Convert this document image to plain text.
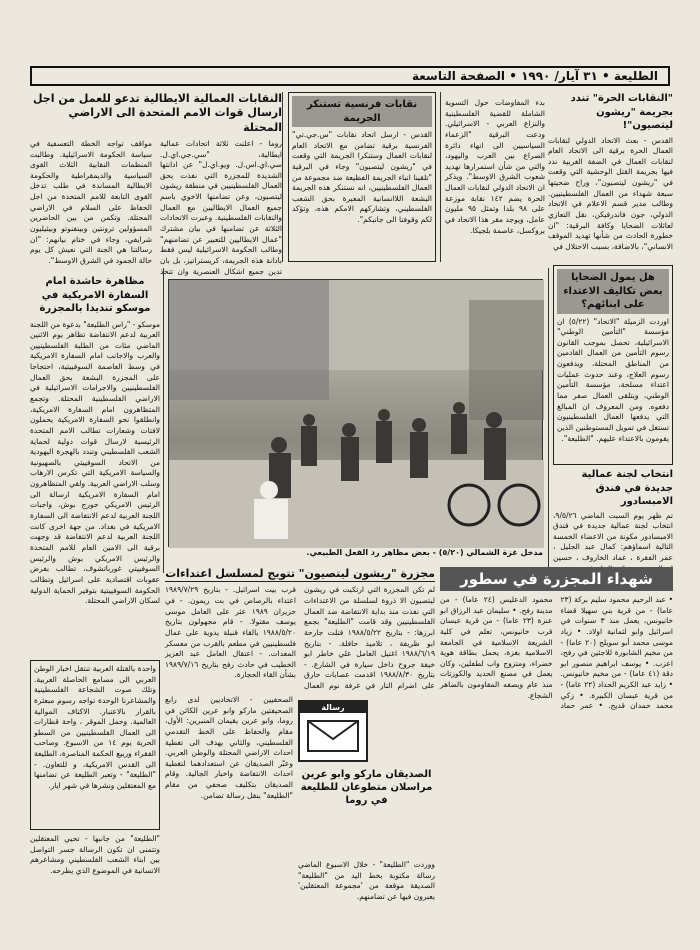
الطليعة • ٣١ آيار/ ١٩٩٠ • الصفحة التاسعة
"النقابات الحرة" تندد بجريمة "ريشون ليتصيون"!
القدس - بعث الاتحاد الدولي لنقابات العمال الحرة برقية الى الاتحاد العام لنقابات العمال في الضفة الغربية ندد فيها بجريمة القتل الوحشية التي وقعت في "ريشون ليتصيون"، وراح ضحيتها سبعة شهداء من العمال الفلسطينيين. وطالب مدير قسم الاعلام في الاتحاد الدولي، جون فاندرفيكن، نقل التعازي لعائلات الضحايا وكافة البرقية: "ان خطورة الحادث من شأنها تهديد الموقف الانساني"، بالاضافة، بسبب الاحتلال في
بدء المفاوضات حول التسوية الشاملة للقضية الفلسطينية والنزاع العربي - الاسرائيلي. ودعت البرقية "الزعماء السياسيين الى انهاء دائرة الصراع بين العرب واليهود، والتي من شأن استمرارها تهديد شعوب الشرق الاوسط". ويذكر ان الاتحاد الدولي لنقابات العمال الحرة يضم ١٤٢ نقابة موزعة على ٩٨ بلدا وتمثل ٩٥ مليون عامل، ويوجد مقر هذا الاتحاد في بروكسل، عاصمة بلجيكا.
نقابات فرنسية تستنكر الجريمة
القدس - ارسل اتحاد نقابات "س.جي.تي" الفرنسية برقية تضامن مع الاتحاد العام لنقابات العمال وستنكرا الجريمة التي وقعت في "ريشون ليتصيون" وجاء في البرقية "تلقينا انباء الجريمة الفظيعة ضد مجموعة من العمال الفلسطينيين، انه نستنكر هذه الجريمة البشعة اللاانسانية المعبرة بحق الشعب الفلسطيني، وتشاركهم الامكم هذه، وتؤكد لكم وقوفنا الى جانبكم".
النقابات العمالية الايطالية تدعو للعمل من اجل ارسال قوات الامم المتحدة الى الاراضي المحتلة
روما - اعلنت ثلاثة اتحادات عمالية ايطالية، "سي.جي.اي.ل. سي.اي.اس.ل. ويو.اي.ل" عن ادانتها الشديدة للمجزرة التي نفذت بحق العمال الفلسطينيين في منطقة ريشون ليتصيون، وعن تضامنها الاخوي باسم جميع العمال الايطاليين مع العمال والنقابات الفلسطينية. وعبرت الاتحادات الثلاثة عن تضامنها في بيان مشترك "عمال الايطاليين للتعبير عن تضامنهم" وطالب الحكومة الاسرائيلية ليس فقط بادانة هذه الجريمة، كريستراتيز، بل بان تدين جميع اشكال العنصرية وان تتخذ مواقف تواجه الخطة التعسفية في سياسة الحكومة الاسرائيلية. وطالبت المنظمات النقابية الثلاث القوى السياسية والديمقراطية والحكومة الايطالية المساندة في طلب تدخل القوى التابعة للامم المتحدة من اجل الحفاظ على السلام في الاراضي المحتلة. وتكمن من بين الحاضرين المسؤولين ترونتين وبينفنوتو وبيثيليون شرايفي، وجاء في ختام بيانهم: "ان رسالتنا هي الجنة التي نعيش كل يوم حالة الجمود في الشرق الاوسط".
مظاهرة حاشدة امام السفارة الامريكية في موسكو تنديدا بالمجزرة
موسكو - "راس الطليعة" بدعوة من اللجنة العربية لدعم الانتفاضة تظاهر يوم الاثنين الماضي مئات من الطلبة الفلسطينيين والعرب والاجانب امام السفارة الامريكية في وسط العاصمة السوفييتية، احتجاجا على المجزرة البشعة بحق العمال الفلسطينيين والاجرامات الاسرائيلية في الاراضي الفلسطينية المحتلة. وتجمع المتظاهرون امام السفارة الامريكية، وانطلقوا نحو السفارة الامريكية يحملون لافتات وشعارات تطالب الامم المتحدة الرئيسية لارسال قوات دولية لحماية الشعب الفلسطيني وتندد بالهجرة اليهودية من الاتحاد السوفييتي بالصهيونية والسياسة الامريكية التي تكرس الارهاب وسلب الاراضي العربية. ولقي المتظاهرون امام السفارة الامريكية ارسالة الى الرئيس الامريكي جورج بوش، واجبات اللجنة العربية لدعم الانتفاضة الى السفارة الامريكية في بغداد. من جهة اخرى كانت اللجنة العربية لدعم الانتفاضة قد وجهت برقية الى الامين العام للامم المتحدة والرئيس الامريكي بوش والرئيس السوفييتي غورباتشوف، تطالب بفرض عقوبات اقتصادية على اسرائيل وتطالب الحكومة السوفييتية بتوفير الحماية الدولية لسكان الاراضي المحتلة.
هل يمول الضحايا بعض تكاليف الاعتداء على ابنائهم؟
اوردت الزميلة "الاتحاد" (٥/٢٢) ان مؤسسة "التأمين الوطني" الاسرائيلية، تحصل بموجب القانون رسوم التأمين من العمال القادمين من المناطق المحتلة، ويدفعون رسوم العلاج، وعند حدوث عمليات اعتداء مسلحة، مؤسسة التأمين الوطني، ويتلقى العمال صفر مما دفعوه. ومن المعروف ان المبالغ التي يدفعها العمال الفلسطينيون تستغل في تمويل المستوطنين الذين يقومون بالاعتداء عليهم. "الطليعة".
انتخاب لجنة عمالية جديدة في فندق الامبسادور
تم ظهر يوم السبت الماضي ٩/٥/٢٦، انتخاب لجنة عمالية جديدة في فندق الامبسادور مكونة من الاعضاء الخمسة التالية اسماؤهم: كمال عبد الجليل ، عمر الفقرة ، عماد الخاروف ، حسين
مدخل غزة الشمالي (٥/٢٠) - بعض مظاهر رد الفعل الطبيعي.
شهداء المجزرة في سطور
• عبد الرحيم محمود سليم بركة (٢٣ عاما) - من قرية بني سهيلا قضاء خانيونس، يعمل منذ ٣ سنوات في اسرائيل وابو لثمانية اولاد. • زياد موسى محمد أبو سويلح (٢٠ عاما) - من مخيم الشابورة للاجئين في رفح، اعزب. • يوسف ابراهيم منصور ابو دقة (٤١ عاما) - من مخيم خانيونس. • زايد عبد الكريم الحداد (٢٢ عاما) - من قرية عبسان الكبيرة. • زكي محمد حمدان قديح. • عمر حماد محمود الدعليس (٢٤ عاما) - من مدينة رفح. • سليمان عبد الرزاق ابو عنزة (٢٣ عاما) - من قرية عبسان قرب خانيونس، تعلم في كلية الشريعة الاسلامية في الجامعة الاسلامية بغزة، يحمل بطاقة هوية خضراء، ومتزوج واب لطفلين، وكان يعمل في مصنع الحديد والكوزتات منذ عام ويصفه المقاومون بالضاهر الشجاع.
مجزرة "ريشون ليتصيون" تتويج لمسلسل اعتداءات
لم تكن المجزرة التي ارتكبت في ريشون ليتصيون الا ذروة لسلسلة من الاعتداءات التي نفذت منذ بداية الانتفاضة ضد العمال الفلسطينيين وقد قامت "الطليعة" بجمع ابرزها: - بتاريخ ١٩٨٨/٥/٢٢ قتلت جارحة ابو ظريفة ، تلاميذ حافلة. - بتاريخ ١٩٨٨/٦/١٩ اغتيل العامل علي خاطر ابو خيفة جروح داخل سيارة في الشارع. - بتاريخ ١٩٨٨/٨/٣٠ اقدمت عصابات حارق على اضرام النار في غرفة نوم العمال قرب بيت اسرائيل. - بتاريخ ١٩٨٩/٧/٢٩ اعتداء بالرصاص في بت ريمون. - في حزيران ١٩٨٩ عثر على العامل موسى يوسف مقتولا. - قام مجهولون بتاريخ ١٩٨٨/٥/٢٠ بالقاء قنبلة يدوية على عمال فلسطينيين في مطعم بالقرب من معسكر المعدات. - اعتقال العامل عبد العزيز الخطيب في حادث رفح بتاريخ ١٩٨٩/٧/١٦ بشأن القاء الحجارة.
واحدة بالقتلة العربية تنتقل اخبار الوطن العربي الى مسامع الحاصلة العربية. وتلك صوت الشجاعة الفلسطينية والمشاعرنا الوحدة تواجه رسوم مبعثرة بالقرار بالاعتبار. الاكتاف الموالية العالمية. وحمل الموقر ، واحة قطارات الى العمال الفلسطينيين من السطو الحرية يوم ١٤ من الاسبوع. وصاحب الفقراء وربيع الحكمة المناصرة، الطليعة الى القدس الامريكية، و للتعاون. - "الطليعة" - وتعبر الطليعة عن تضامنها مع المعتقلين ونشرها في شهر ايار.
"الطليعة" من جانبها - تحيي المعتقلين وتتمنى ان تكون الرسالة جسر التواصل بين ابناء الشعب الفلسطيني ومشاعرهم الانسانية في الموضوع الذي يطرحه.
الصحفيين - الاتحاديين لدى رابع الصحيفتين ماركو وابو عرين الكائن في روما، وابو عرين يقيمان المنبرين: الأول، مقام والحفاظ على الخط التقدمي الفلسطيني، والثاني يهدف الى تغطية احداث الاراضي المحتلة والوطن العربي. وعبّر الصديقان عن استعدادهما لتغطية احداث الانتفاضة واخبار الجالية. وقام الصديقان بتكليف صحفي من مقام "الطليعة" بنقل رسالة تضامن.
رسالة
الصديقان ماركو وابو عرين مراسلان متطوعان للطليعة في روما
ووردت "الطليعة" - خلال الاسبوع الماضي رسالة مكتوبة بخط اليد من "الطليعة" الصديقة موقعة من 'مجموعة المعتقلين' يعبرون فيها عن تضامنهم.
